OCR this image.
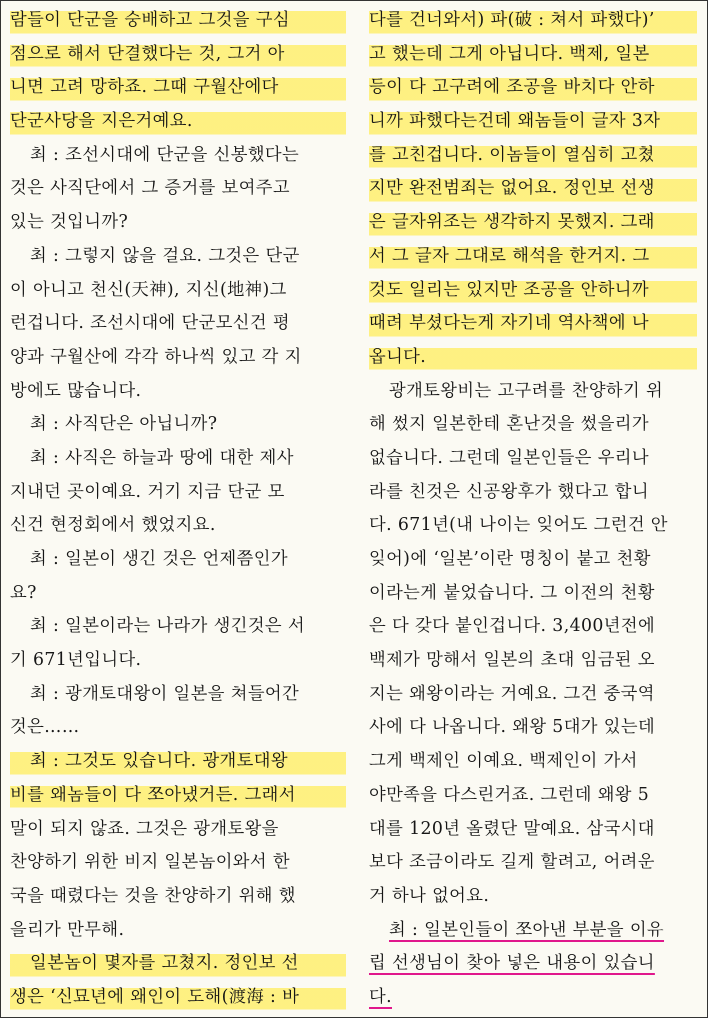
람들이 단군을 숭배하고 그것을 구심
점으로 해서 단결했다는 것, 그거 아
니면 고려 망하죠. 그때 구월산에다
단군사당을 지은거예요.
최 : 조선시대에 단군을 신봉했다는
것은 사직단에서 그 증거를 보여주고
있는 것입니까?
최 : 그렇지 않을 걸요. 그것은 단군
이 아니고 천신(天神), 지신(地神)그
런겁니다. 조선시대에 단군모신건 평
양과 구월산에 각각 하나씩 있고 각 지
방에도 많습니다.
최 : 사직단은 아닙니까?
최 : 사직은 하늘과 땅에 대한 제사
지내던 곳이예요. 거기 지금 단군 모
신건 현정회에서 했었지요.
최 : 일본이 생긴 것은 언제쯤인가
요?
최 : 일본이라는 나라가 생긴것은 서
기 671년입니다.
최 : 광개토대왕이 일본을 쳐들어간
것은……
최 : 그것도 있습니다. 광개토대왕
비를 왜놈들이 다 쪼아냈거든. 그래서
말이 되지 않죠. 그것은 광개토왕을
찬양하기 위한 비지 일본놈이와서 한
국을 때렸다는 것을 찬양하기 위해 했
을리가 만무해.
일본놈이 몇자를 고쳤지. 정인보 선
생은 ‘신묘년에 왜인이 도해(渡海 : 바
다를 건너와서) 파(破 : 쳐서 파했다)’
고 했는데 그게 아닙니다. 백제, 일본
등이 다 고구려에 조공을 바치다 안하
니까 파했다는건데 왜놈들이 글자 3자
를 고친겁니다. 이놈들이 열심히 고쳤
지만 완전범죄는 없어요. 정인보 선생
은 글자위조는 생각하지 못했지. 그래
서 그 글자 그대로 해석을 한거지. 그
것도 일리는 있지만 조공을 안하니까
때려 부셨다는게 자기네 역사책에 나
옵니다.
광개토왕비는 고구려를 찬양하기 위
해 썼지 일본한테 혼난것을 썼을리가
없습니다. 그런데 일본인들은 우리나
라를 친것은 신공왕후가 했다고 합니
다. 671년(내 나이는 잊어도 그런건 안
잊어)에 ‘일본’이란 명칭이 붙고 천황
이라는게 붙었습니다. 그 이전의 천황
은 다 갖다 붙인겁니다. 3,400년전에
백제가 망해서 일본의 초대 임금된 오
지는 왜왕이라는 거예요. 그건 중국역
사에 다 나옵니다. 왜왕 5대가 있는데
그게 백제인 이예요. 백제인이 가서
야만족을 다스린거죠. 그런데 왜왕 5
대를 120년 올렸단 말예요. 삼국시대
보다 조금이라도 길게 할려고, 어려운
거 하나 없어요.
최 : 일본인들이 쪼아낸 부분을 이유
립 선생님이 찾아 넣은 내용이 있습니
다.
